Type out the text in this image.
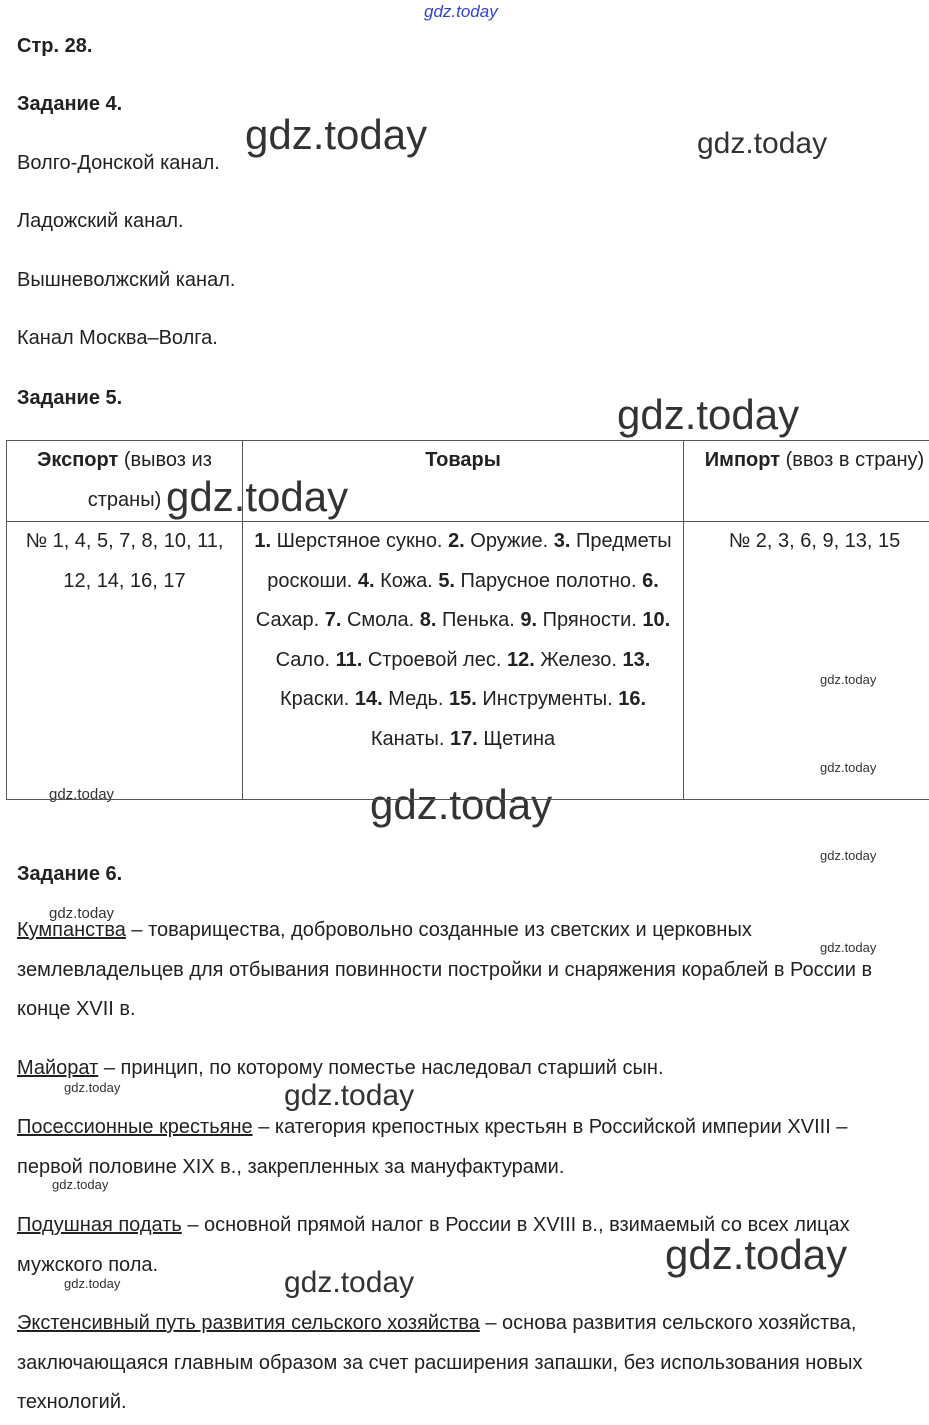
gdz.today
gdz.today	gdz.today
gdz.today
gdz.today
gdz.today
gdz.today
gdz.today	gdz.today
gdz.today
gdz.today
gdz.today
gdz.today	gdz.today
gdz.today
gdz.today
gdz.today	gdz.today
Стр. 28.
Задание 4.
Волго-Донской канал.
Ладожский канал.
Вышневолжский канал.
Канал Москва–Волга.
Задание 5.
Экспорт (вывоз из страны)	Товары	Импорт (ввоз в страну)
№ 1, 4, 5, 7, 8, 10, 11, 12, 14, 16, 17	1. Шерстяное сукно. 2. Оружие. 3. Предметы роскоши. 4. Кожа. 5. Парусное полотно. 6. Сахар. 7. Смола. 8. Пенька. 9. Пряности. 10. Сало. 11. Строевой лес. 12. Железо. 13. Краски. 14. Медь. 15. Инструменты. 16. Канаты. 17. Щетина	№ 2, 3, 6, 9, 13, 15
Задание 6.
Кумпанства – товарищества, добровольно созданные из светских и церковных землевладельцев для отбывания повинности постройки и снаряжения кораблей в России в конце XVII в.
Майорат – принцип, по которому поместье наследовал старший сын.
Посессионные крестьяне – категория крепостных крестьян в Российской империи XVIII – первой половине XIX в., закрепленных за мануфактурами.
Подушная подать – основной прямой налог в России в XVIII в., взимаемый со всех лицах мужского пола.
Экстенсивный путь развития сельского хозяйства – основа развития сельского хозяйства, заключающаяся главным образом за счет расширения запашки, без использования новых технологий.
